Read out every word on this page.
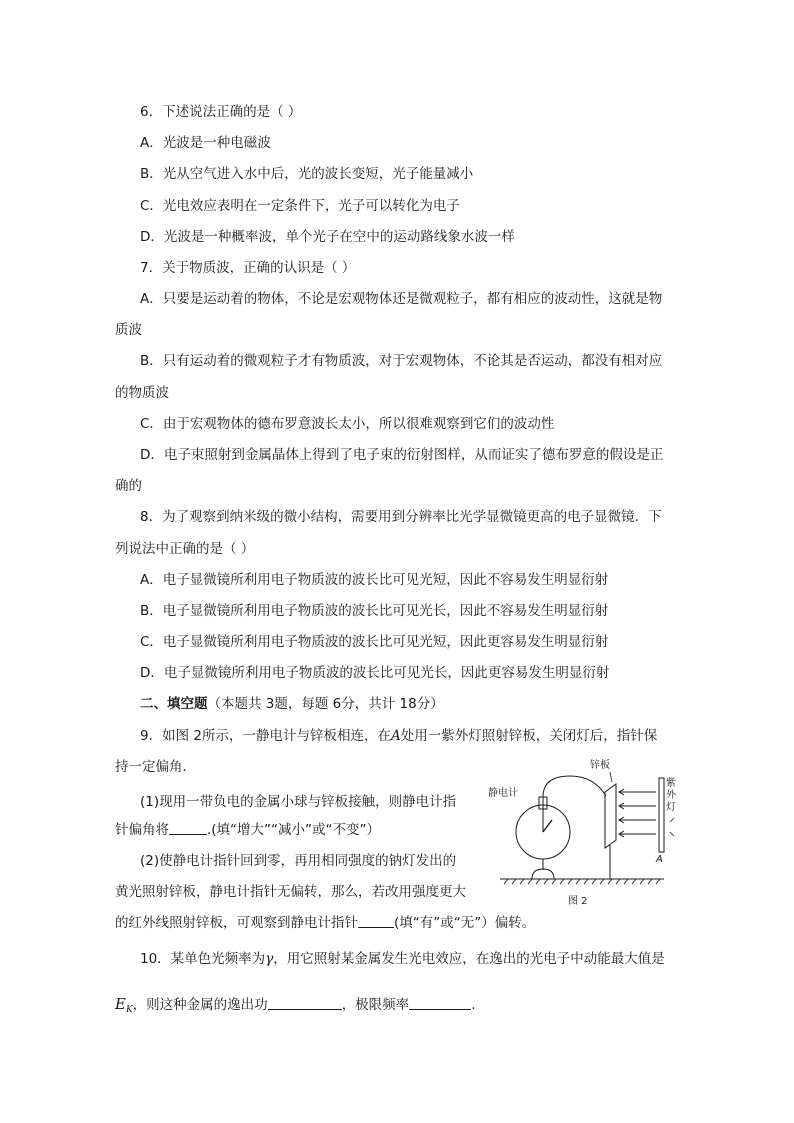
6．下述说法正确的是（ ）
A．光波是一种电磁波
B．光从空气进入水中后，光的波长变短，光子能量减小
C．光电效应表明在一定条件下，光子可以转化为电子
D．光波是一种概率波，单个光子在空中的运动路线象水波一样
7．关于物质波，正确的认识是（ ）
A．只要是运动着的物体，不论是宏观物体还是微观粒子，都有相应的波动性，这就是物
质波
B．只有运动着的微观粒子才有物质波，对于宏观物体，不论其是否运动，都没有相对应
的物质波
C．由于宏观物体的德布罗意波长太小，所以很难观察到它们的波动性
D．电子束照射到金属晶体上得到了电子束的衍射图样，从而证实了德布罗意的假设是正
确的
8．为了观察到纳米级的微小结构，需要用到分辨率比光学显微镜更高的电子显微镜．下
列说法中正确的是（ ）
A．电子显微镜所利用电子物质波的波长比可见光短，因此不容易发生明显衍射
B．电子显微镜所利用电子物质波的波长比可见光长，因此不容易发生明显衍射
C．电子显微镜所利用电子物质波的波长比可见光短，因此更容易发生明显衍射
D．电子显微镜所利用电子物质波的波长比可见光长，因此更容易发生明显衍射
二、填空题（本题共 3题，每题 6分，共计 18分）
9．如图 2所示，一静电计与锌板相连，在A处用一紫外灯照射锌板，关闭灯后，指针保
持一定偏角．
(1)现用一带负电的金属小球与锌板接触，则静电计指
针偏角将	.(填“增大”“减小”或“不变”）
(2)使静电计指针回到零，再用相同强度的钠灯发出的
黄光照射锌板，静电计指针无偏转，那么，若改用强度更大
的红外线照射锌板，可观察到静电计指针	(填“有”或“无”）偏转。
锌板
静电计
紫
外
灯
A
图 2
10．某单色光频率为γ，用它照射某金属发生光电效应，在逸出的光电子中动能最大值是
$E_K$，则这种金属的逸出功	，极限频率	.
